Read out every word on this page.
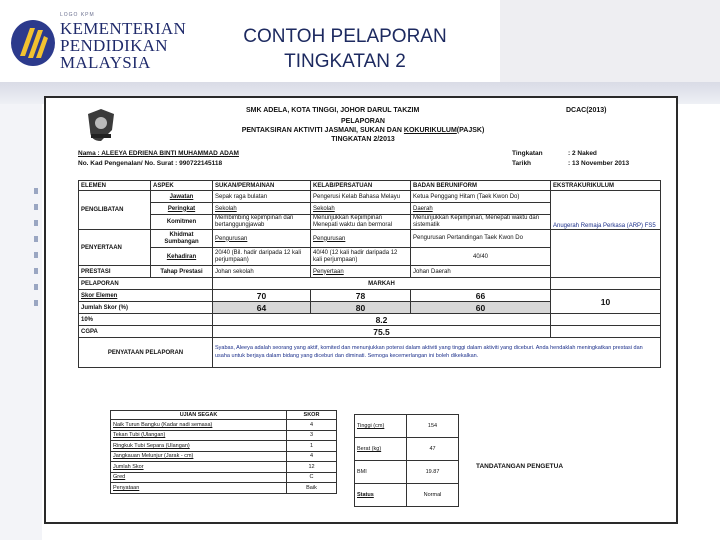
LOGO KPM
KEMENTERIAN
PENDIDIKAN
MALAYSIA
CONTOH PELAPORAN
TINGKATAN 2
SMK ADELA, KOTA TINGGI, JOHOR DARUL TAKZIM	DCAC(2013)
PELAPORAN
PENTAKSIRAN AKTIVITI JASMANI, SUKAN DAN KOKURIKULUM(PAJSK)
TINGKATAN 2/2013
Nama : ALEEYA EDRIENA BINTI MUHAMMAD ADAM
No. Kad Pengenalan/ No. Surat : 990722145118
Tingkatan	: 2 Naked
Tarikh	: 13 November 2013
ELEMEN	ASPEK	SUKAN/PERMAINAN	KELAB/PERSATUAN	BADAN BERUNIFORM	EKSTRAKURIKULUM
PENGLIBATAN	Jawatan	Sepak raga bulatan	Pengerusi Kelab Bahasa Melayu	Ketua Penggang Hitam (Taek Kwon Do)	Anugerah Remaja Perkasa (ARP) FS5

	Peringkat	Sekolah	Sekolah	Daerah	
	Komitmen	Membimbing kepimpinan dan bertanggungjawab	Menunjukkan Kepimpinan Menepati waktu dan bermoral	Menunjukkan Kepimpinan, Menepati waktu dan sistematik	

PENYERTAAN	Khidmat Sumbangan	Pengurusan	Pengurusan	Pengurusan Pertandingan Taek Kwon Do	
	Kehadiran	20/40 (Bil. hadir daripada 12 kali perjumpaan)	40/40 (12 kali hadir daripada 12 kali perjumpaan)	40/40	
PRESTASI	Tahap Prestasi	Johan sekolah	Penyertaan	Johan Daerah	
PELAPORAN		MARKAH			
Skor Elemen		70	78	66	10
Jumlah Skor (%)		64	80	60	
10%		8.2			
CGPA		75.5			
PENYATAAN PELAPORAN		Syabas, Aleeya adalah seorang yang aktif, komited dan menunjukkan potensi dalam aktiviti yang tinggi dalam aktiviti yang diceburi. Anda hendaklah meningkatkan prestasi dan usaha untuk berjaya dalam bidang yang diceburi dan diminati. Semoga kecemerlangan ini boleh dikekalkan.			
UJIAN SEGAK	SKOR
Naik Turun Bangku (Kadar nadi semasa)	4
Tekan Tubi (Ulangan)	3
Ringkuk Tubi Separa (Ulangan)	1
Jangkauan Melunjur (Jarak - cm)	4
Jumlah Skor	12
Gred	C
Penyataan	Baik
Tinggi (cm)	154
Berat (kg)	47
BMI	19.87
Status	Normal
TANDATANGAN PENGETUA
